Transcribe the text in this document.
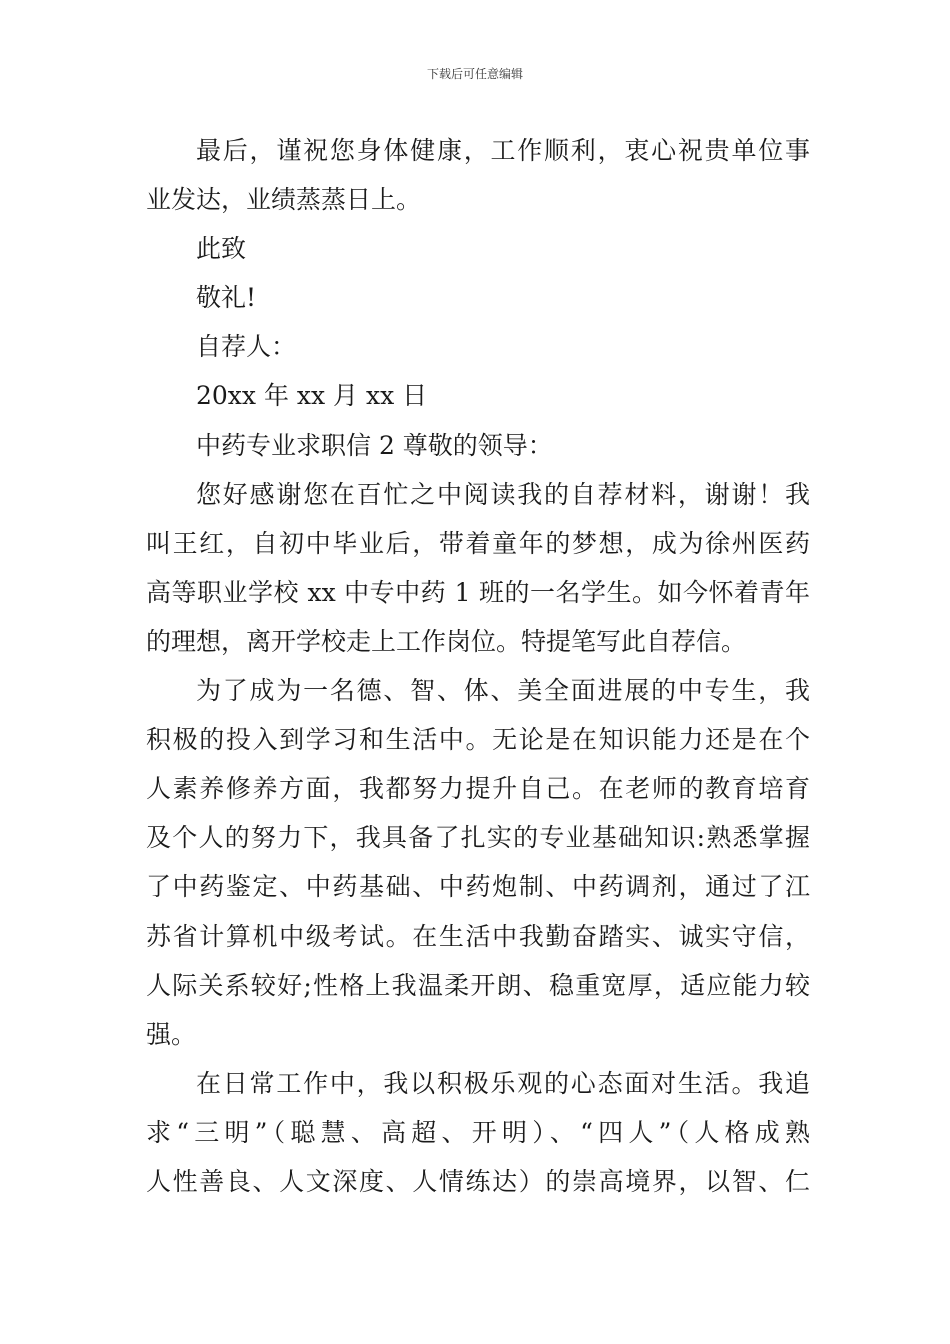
下载后可任意编辑
最后，谨祝您身体健康，工作顺利，衷心祝贵单位事
业发达，业绩蒸蒸日上。
此致
敬礼!
自荐人：
20xx 年 xx 月 xx 日
中药专业求职信 2 尊敬的领导：
您好感谢您在百忙之中阅读我的自荐材料，谢谢！我
叫王红，自初中毕业后，带着童年的梦想，成为徐州医药
高等职业学校 xx 中专中药 1 班的一名学生。如今怀着青年
的理想，离开学校走上工作岗位。特提笔写此自荐信。
为了成为一名德、智、体、美全面进展的中专生，我
积极的投入到学习和生活中。无论是在知识能力还是在个
人素养修养方面，我都努力提升自己。在老师的教育培育
及个人的努力下，我具备了扎实的专业基础知识:熟悉掌握
了中药鉴定、中药基础、中药炮制、中药调剂，通过了江
苏省计算机中级考试。在生活中我勤奋踏实、诚实守信，
人际关系较好;性格上我温柔开朗、稳重宽厚，适应能力较
强。
在日常工作中，我以积极乐观的心态面对生活。我追
求“三明”（聪慧、高超、开明）、“四人”（人格成熟
人性善良、人文深度、人情练达）的崇高境界，以智、仁
